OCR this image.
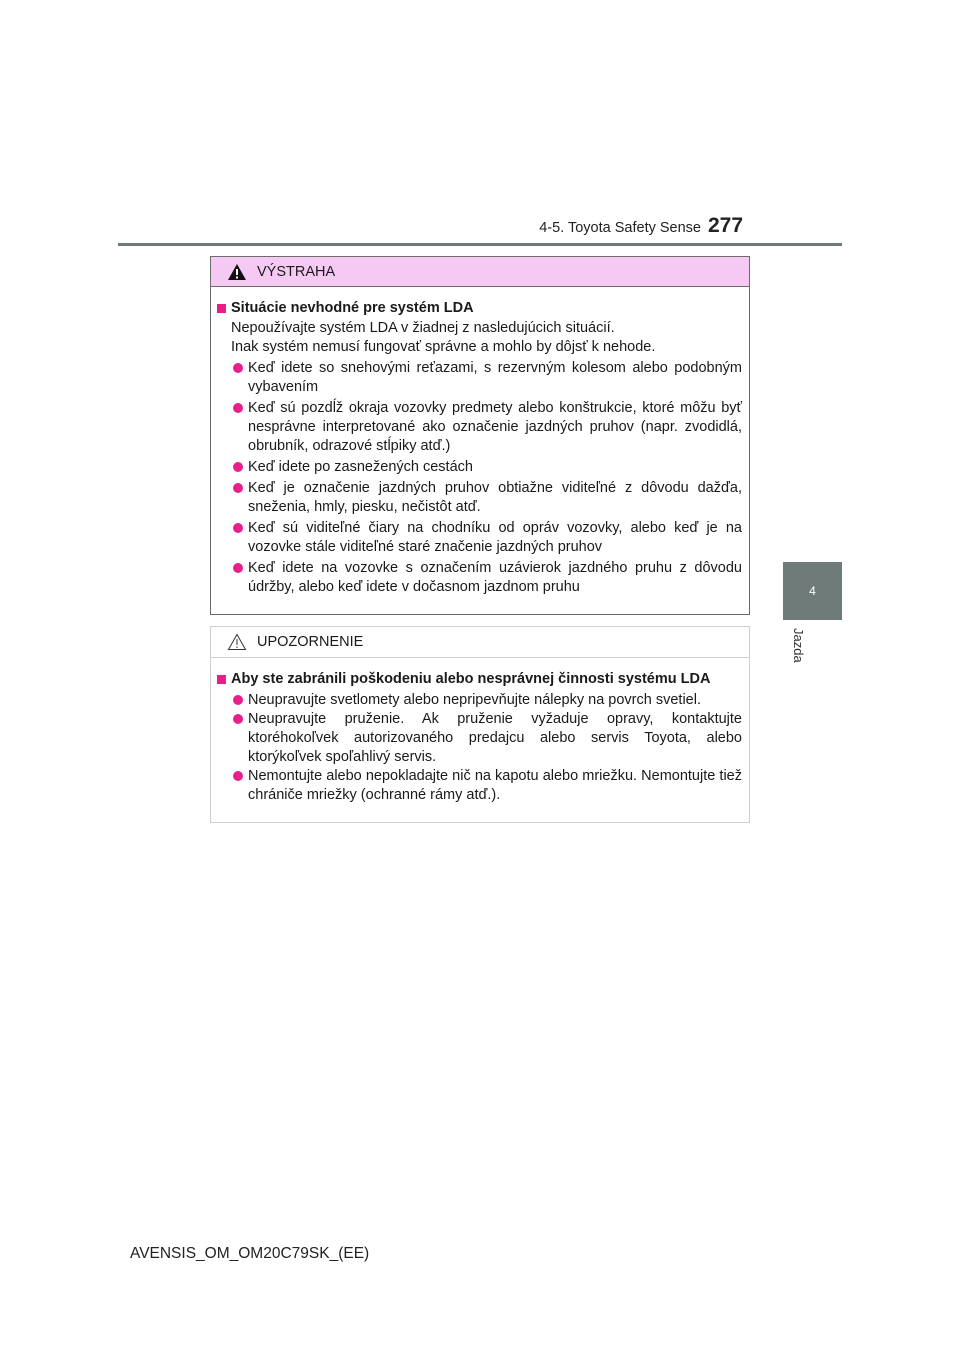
4-5. Toyota Safety Sense 277
4
Jazda
VÝSTRAHA
Situácie nevhodné pre systém LDA
Nepoužívajte systém LDA v žiadnej z nasledujúcich situácií.
Inak systém nemusí fungovať správne a mohlo by dôjsť k nehode.
Keď idete so snehovými reťazami, s rezervným kolesom alebo podobným vybavením
Keď sú pozdĺž okraja vozovky predmety alebo konštrukcie, ktoré môžu byť nesprávne interpretované ako označenie jazdných pruhov (napr. zvodidlá, obrubník, odrazové stĺpiky atď.)
Keď idete po zasnežených cestách
Keď je označenie jazdných pruhov obtiažne viditeľné z dôvodu dažďa, sneženia, hmly, piesku, nečistôt atď.
Keď sú viditeľné čiary na chodníku od opráv vozovky, alebo keď je na vozovke stále viditeľné staré značenie jazdných pruhov
Keď idete na vozovke s označením uzávierok jazdného pruhu z dôvodu údržby, alebo keď idete v dočasnom jazdnom pruhu
UPOZORNENIE
Aby ste zabránili poškodeniu alebo nesprávnej činnosti systému LDA
Neupravujte svetlomety alebo nepripevňujte nálepky na povrch svetiel.
Neupravujte pruženie. Ak pruženie vyžaduje opravy, kontaktujte ktoréhokoľvek autorizovaného predajcu alebo servis Toyota, alebo ktorýkoľvek spoľahlivý servis.
Nemontujte alebo nepokladajte nič na kapotu alebo mriežku. Nemontujte tiež chrániče mriežky (ochranné rámy atď.).
AVENSIS_OM_OM20C79SK_(EE)
